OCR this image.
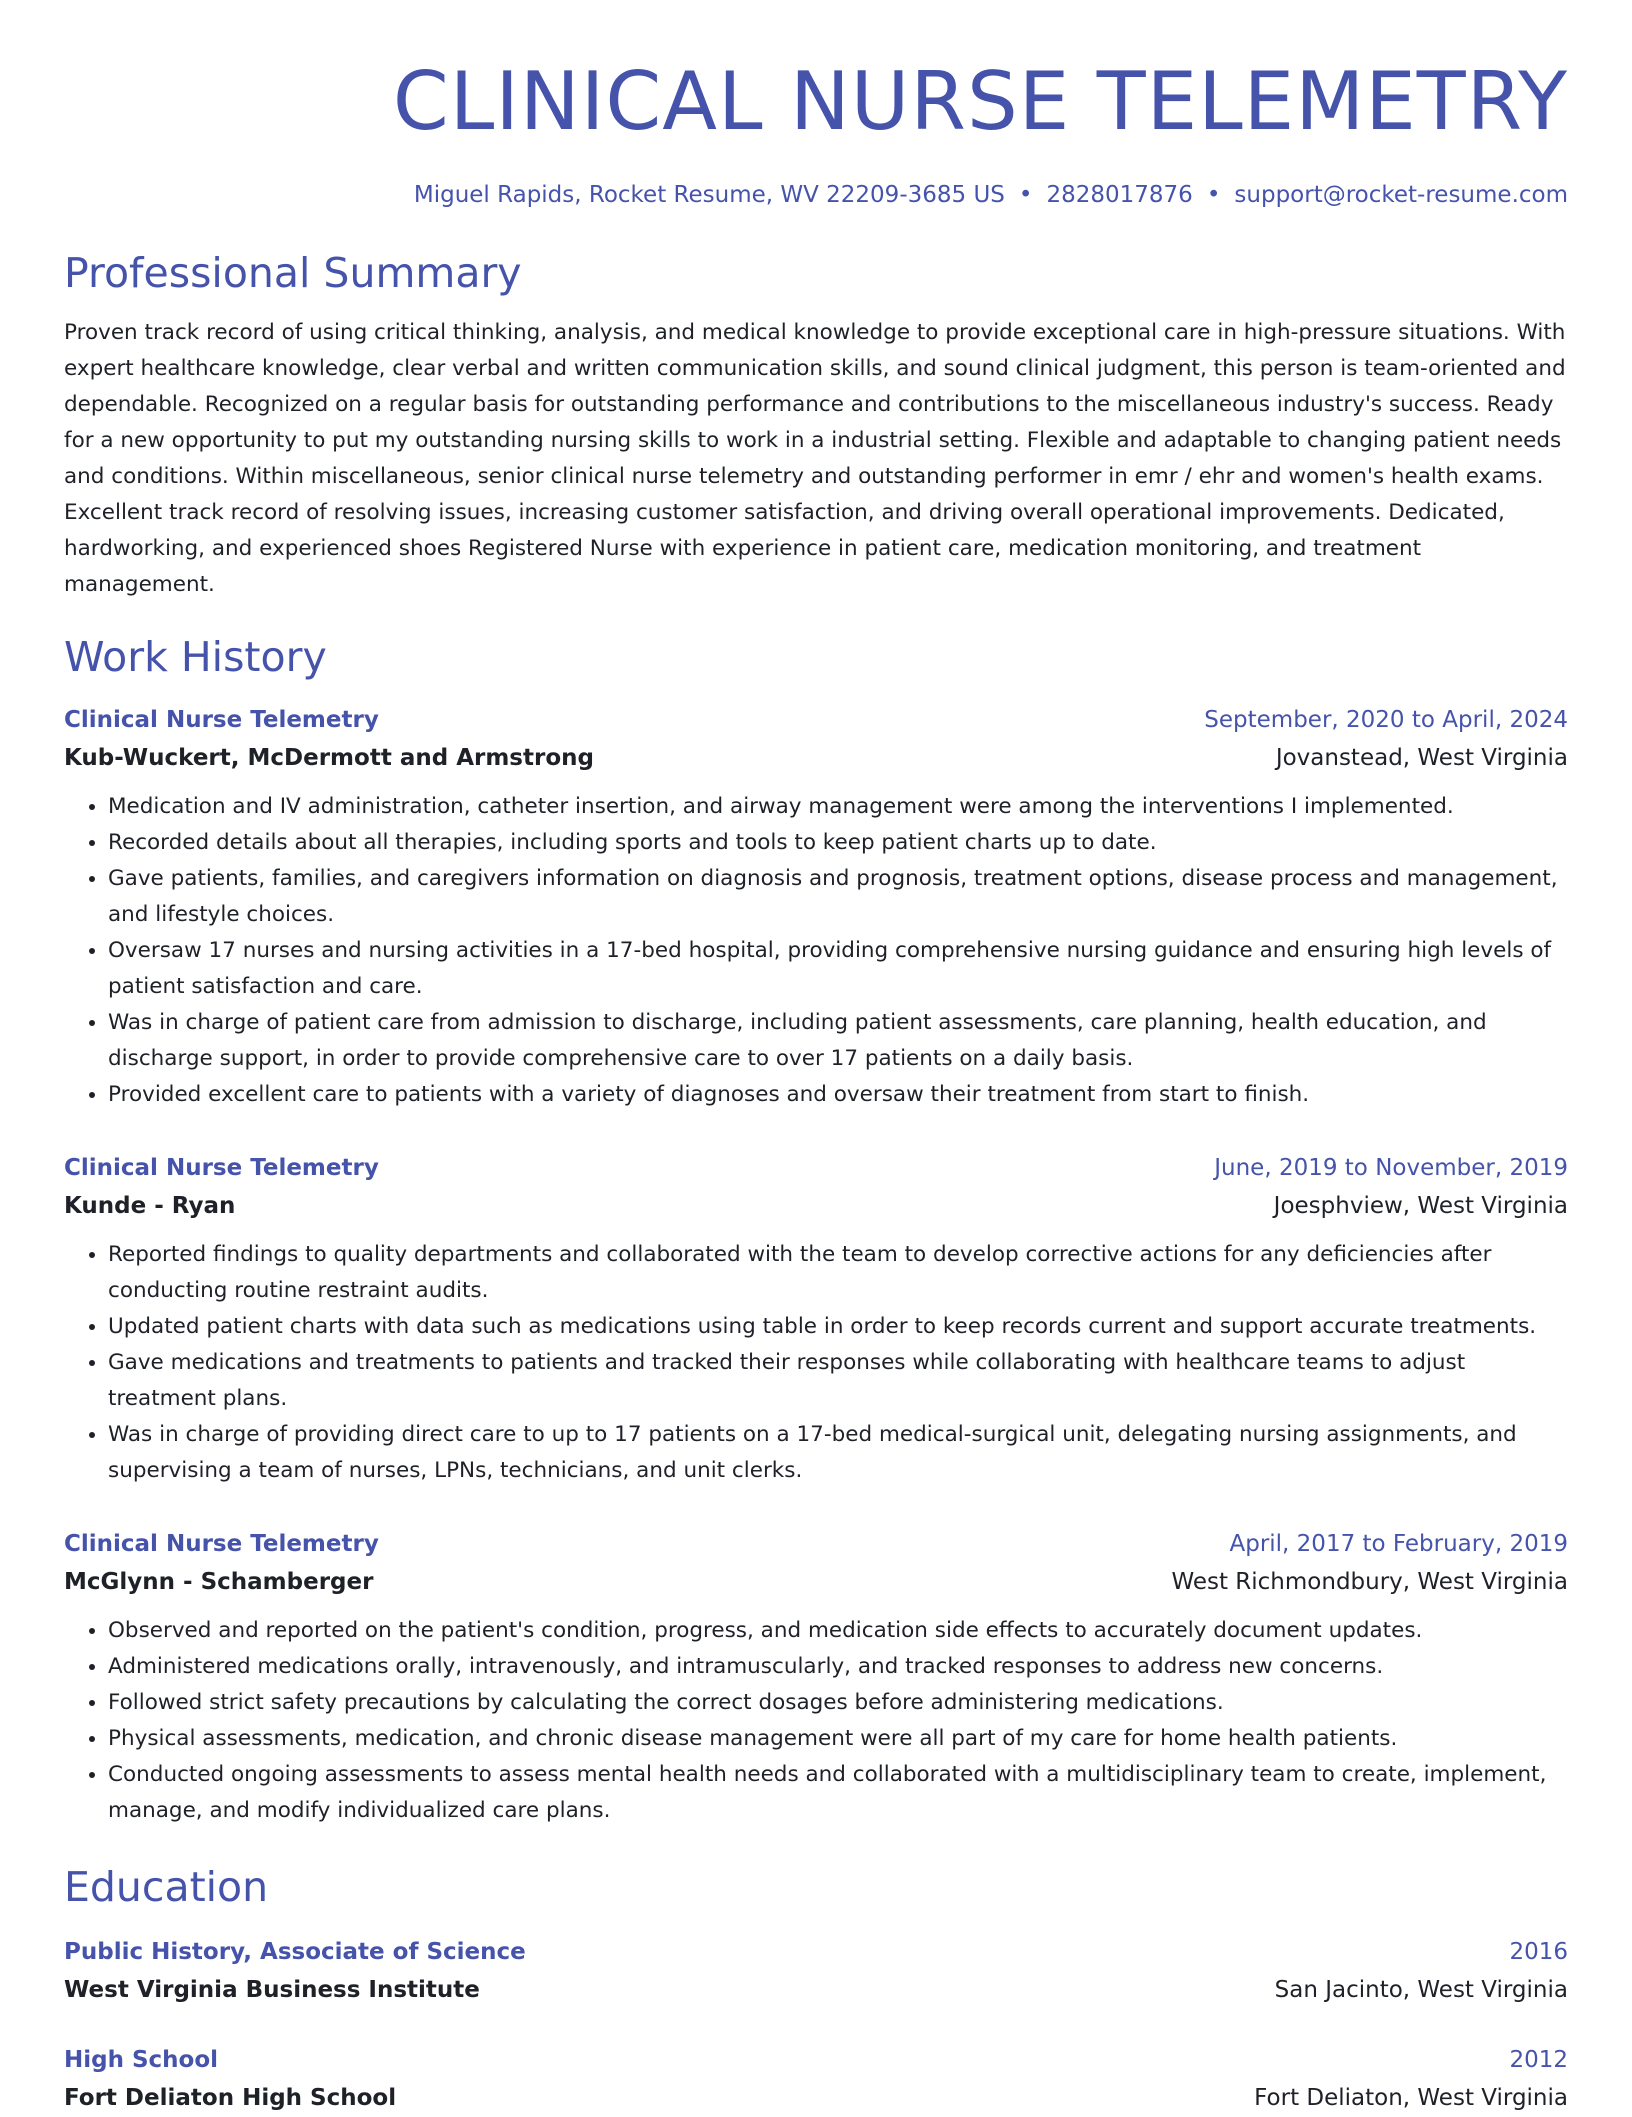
CLINICAL NURSE TELEMETRY
Miguel Rapids, Rocket Resume, WV 22209-3685 US • 2828017876 • support@rocket-resume.com
Professional Summary

Proven track record of using critical thinking, analysis, and medical knowledge to provide exceptional care in high-pressure situations. With expert healthcare knowledge, clear verbal and written communication skills, and sound clinical judgment, this person is team-oriented and dependable. Recognized on a regular basis for outstanding performance and contributions to the miscellaneous industry's success. Ready for a new opportunity to put my outstanding nursing skills to work in a industrial setting. Flexible and adaptable to changing patient needs and conditions. Within miscellaneous, senior clinical nurse telemetry and outstanding performer in emr / ehr and women's health exams. Excellent track record of resolving issues, increasing customer satisfaction, and driving overall operational improvements. Dedicated, hardworking, and experienced shoes Registered Nurse with experience in patient care, medication monitoring, and treatment management.

Work History
Clinical Nurse Telemetry	September, 2020 to April, 2024
Kub-Wuckert, McDermott and Armstrong	Jovanstead, West Virginia
• Medication and IV administration, catheter insertion, and airway management were among the interventions I implemented.
• Recorded details about all therapies, including sports and tools to keep patient charts up to date.
• Gave patients, families, and caregivers information on diagnosis and prognosis, treatment options, disease process and management, and lifestyle choices.
• Oversaw 17 nurses and nursing activities in a 17-bed hospital, providing comprehensive nursing guidance and ensuring high levels of patient satisfaction and care.
• Was in charge of patient care from admission to discharge, including patient assessments, care planning, health education, and discharge support, in order to provide comprehensive care to over 17 patients on a daily basis.
• Provided excellent care to patients with a variety of diagnoses and oversaw their treatment from start to finish.
Clinical Nurse Telemetry	June, 2019 to November, 2019
Kunde - Ryan	Joesphview, West Virginia
• Reported findings to quality departments and collaborated with the team to develop corrective actions for any deficiencies after conducting routine restraint audits.
• Updated patient charts with data such as medications using table in order to keep records current and support accurate treatments.
• Gave medications and treatments to patients and tracked their responses while collaborating with healthcare teams to adjust treatment plans.
• Was in charge of providing direct care to up to 17 patients on a 17-bed medical-surgical unit, delegating nursing assignments, and supervising a team of nurses, LPNs, technicians, and unit clerks.
Clinical Nurse Telemetry	April, 2017 to February, 2019
McGlynn - Schamberger	West Richmondbury, West Virginia
• Observed and reported on the patient's condition, progress, and medication side effects to accurately document updates.
• Administered medications orally, intravenously, and intramuscularly, and tracked responses to address new concerns.
• Followed strict safety precautions by calculating the correct dosages before administering medications.
• Physical assessments, medication, and chronic disease management were all part of my care for home health patients.
• Conducted ongoing assessments to assess mental health needs and collaborated with a multidisciplinary team to create, implement, manage, and modify individualized care plans.
Education
Public History, Associate of Science	2016
West Virginia Business Institute	San Jacinto, West Virginia
High School	2012
Fort Deliaton High School	Fort Deliaton, West Virginia
